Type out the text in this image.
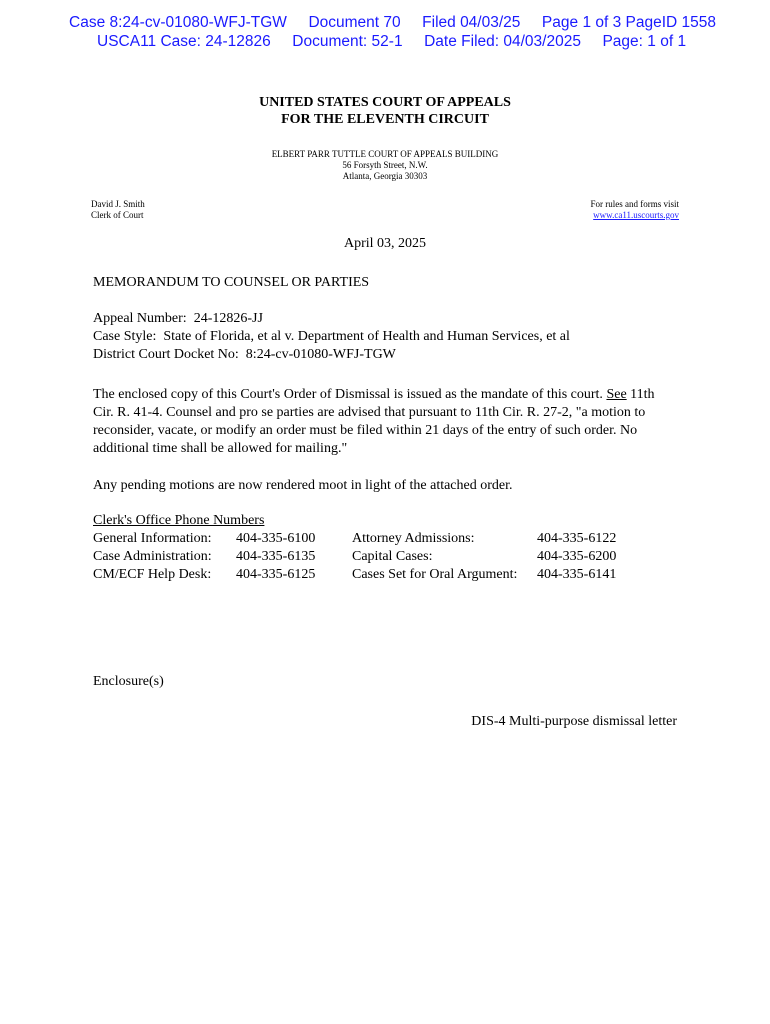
Case 8:24-cv-01080-WFJ-TGW     Document 70     Filed 04/03/25     Page 1 of 3 PageID 1558
USCA11 Case: 24-12826     Document: 52-1     Date Filed: 04/03/2025     Page: 1 of 1
UNITED STATES COURT OF APPEALS
FOR THE ELEVENTH CIRCUIT
ELBERT PARR TUTTLE COURT OF APPEALS BUILDING
56 Forsyth Street, N.W.
Atlanta, Georgia 30303
David J. Smith
Clerk of Court
For rules and forms visit
www.ca11.uscourts.gov
April 03, 2025
MEMORANDUM TO COUNSEL OR PARTIES
Appeal Number:  24-12826-JJ
Case Style:  State of Florida, et al v. Department of Health and Human Services, et al
District Court Docket No:  8:24-cv-01080-WFJ-TGW
The enclosed copy of this Court's Order of Dismissal is issued as the mandate of this court. See 11th Cir. R. 41-4. Counsel and pro se parties are advised that pursuant to 11th Cir. R. 27-2, "a motion to reconsider, vacate, or modify an order must be filed within 21 days of the entry of such order. No additional time shall be allowed for mailing."
Any pending motions are now rendered moot in light of the attached order.
Clerk's Office Phone Numbers
General Information: 404-335-6100	Attorney Admissions:	404-335-6122
Case Administration: 404-335-6135	Capital Cases:	404-335-6200
CM/ECF Help Desk: 404-335-6125	Cases Set for Oral Argument: 404-335-6141
Enclosure(s)
DIS-4 Multi-purpose dismissal letter
